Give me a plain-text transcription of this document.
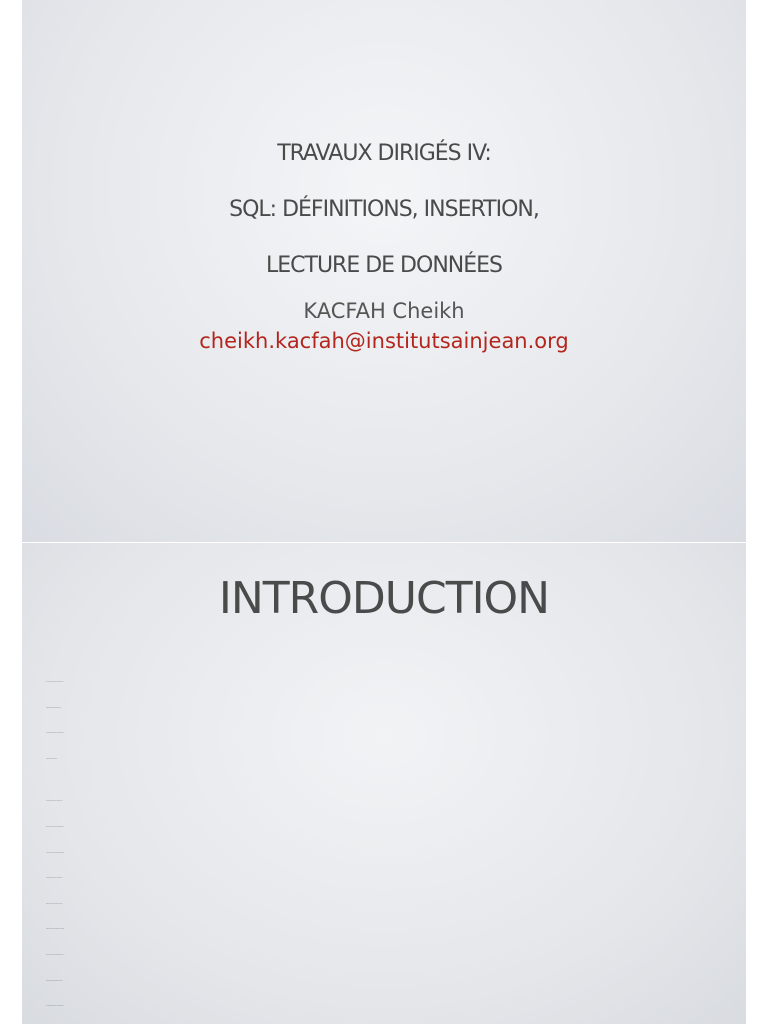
TRAVAUX DIRIGÉS IV:
SQL: DÉFINITIONS, INSERTION,
LECTURE DE DONNÉES
KACFAH Cheikh
cheikh.kacfah@institutsainjean.org
INTRODUCTION
